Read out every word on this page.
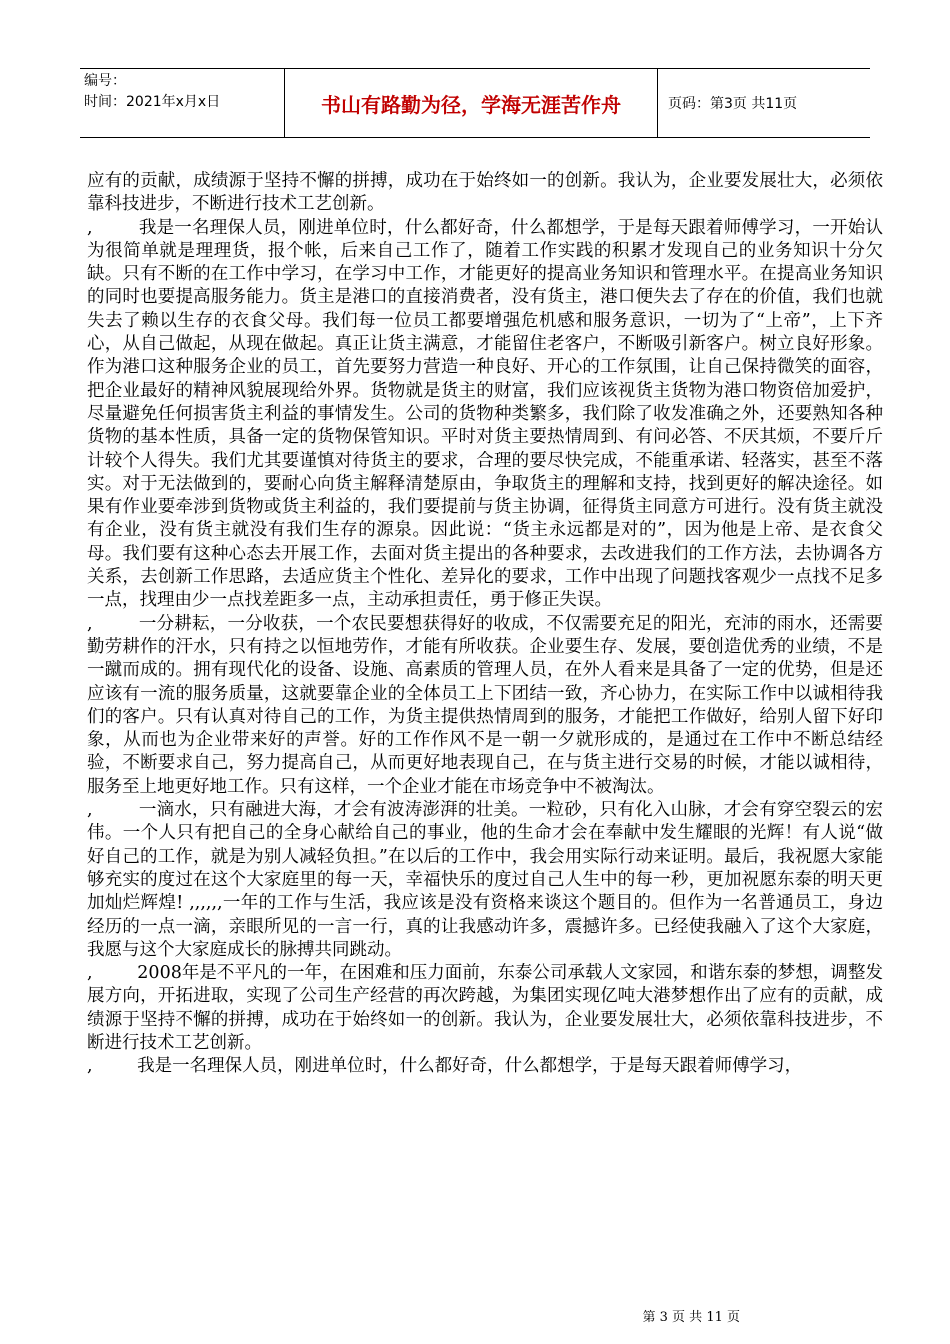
编号：
时间：2021年x月x日	书山有路勤为径，学海无涯苦作舟	页码：第3页 共11页

应有的贡献，成绩源于坚持不懈的拼搏，成功在于始终如一的创新。我认为，企业要发展壮大，必须依靠科技进步，不断进行技术工艺创新。

,        我是一名理保人员，刚进单位时，什么都好奇，什么都想学，于是每天跟着师傅学习，一开始认为很简单就是理理货，报个帐，后来自己工作了，随着工作实践的积累才发现自己的业务知识十分欠缺。只有不断的在工作中学习，在学习中工作，才能更好的提高业务知识和管理水平。在提高业务知识的同时也要提高服务能力。货主是港口的直接消费者，没有货主，港口便失去了存在的价值，我们也就失去了赖以生存的衣食父母。我们每一位员工都要增强危机感和服务意识，一切为了“上帝”，上下齐心，从自己做起，从现在做起。真正让货主满意，才能留住老客户，不断吸引新客户。树立良好形象。作为港口这种服务企业的员工，首先要努力营造一种良好、开心的工作氛围，让自己保持微笑的面容，把企业最好的精神风貌展现给外界。货物就是货主的财富，我们应该视货主货物为港口物资倍加爱护，尽量避免任何损害货主利益的事情发生。公司的货物种类繁多，我们除了收发准确之外，还要熟知各种货物的基本性质，具备一定的货物保管知识。平时对货主要热情周到、有问必答、不厌其烦，不要斤斤计较个人得失。我们尤其要谨慎对待货主的要求，合理的要尽快完成，不能重承诺、轻落实，甚至不落实。对于无法做到的，要耐心向货主解释清楚原由，争取货主的理解和支持，找到更好的解决途径。如果有作业要牵涉到货物或货主利益的，我们要提前与货主协调，征得货主同意方可进行。没有货主就没有企业，没有货主就没有我们生存的源泉。因此说：“货主永远都是对的”，因为他是上帝、是衣食父母。我们要有这种心态去开展工作，去面对货主提出的各种要求，去改进我们的工作方法，去协调各方关系，去创新工作思路，去适应货主个性化、差异化的要求，工作中出现了问题找客观少一点找不足多一点，找理由少一点找差距多一点，主动承担责任，勇于修正失误。

,        一分耕耘，一分收获，一个农民要想获得好的收成，不仅需要充足的阳光，充沛的雨水，还需要勤劳耕作的汗水，只有持之以恒地劳作，才能有所收获。企业要生存、发展，要创造优秀的业绩，不是一蹴而成的。拥有现代化的设备、设施、高素质的管理人员，在外人看来是具备了一定的优势，但是还应该有一流的服务质量，这就要靠企业的全体员工上下团结一致，齐心协力，在实际工作中以诚相待我们的客户。只有认真对待自己的工作，为货主提供热情周到的服务，才能把工作做好，给别人留下好印象，从而也为企业带来好的声誉。好的工作作风不是一朝一夕就形成的，是通过在工作中不断总结经验，不断要求自己，努力提高自己，从而更好地表现自己，在与货主进行交易的时候，才能以诚相待，服务至上地更好地工作。只有这样，一个企业才能在市场竞争中不被淘汰。

,        一滴水，只有融进大海，才会有波涛澎湃的壮美。一粒砂，只有化入山脉，才会有穿空裂云的宏伟。一个人只有把自己的全身心献给自己的事业，他的生命才会在奉献中发生耀眼的光辉！有人说“做好自己的工作，就是为别人减轻负担。”在以后的工作中，我会用实际行动来证明。最后，我祝愿大家能够充实的度过在这个大家庭里的每一天，幸福快乐的度过自己人生中的每一秒，更加祝愿东泰的明天更加灿烂辉煌! ,,,,,,一年的工作与生活，我应该是没有资格来谈这个题目的。但作为一名普通员工，身边经历的一点一滴，亲眼所见的一言一行，真的让我感动许多，震撼许多。已经使我融入了这个大家庭，我愿与这个大家庭成长的脉搏共同跳动。

,        2008年是不平凡的一年，在困难和压力面前，东泰公司承载人文家园，和谐东泰的梦想，调整发展方向，开拓进取，实现了公司生产经营的再次跨越，为集团实现亿吨大港梦想作出了应有的贡献，成绩源于坚持不懈的拼搏，成功在于始终如一的创新。我认为，企业要发展壮大，必须依靠科技进步，不断进行技术工艺创新。

,        我是一名理保人员，刚进单位时，什么都好奇，什么都想学，于是每天跟着师傅学习，

第 3 页 共 11 页
